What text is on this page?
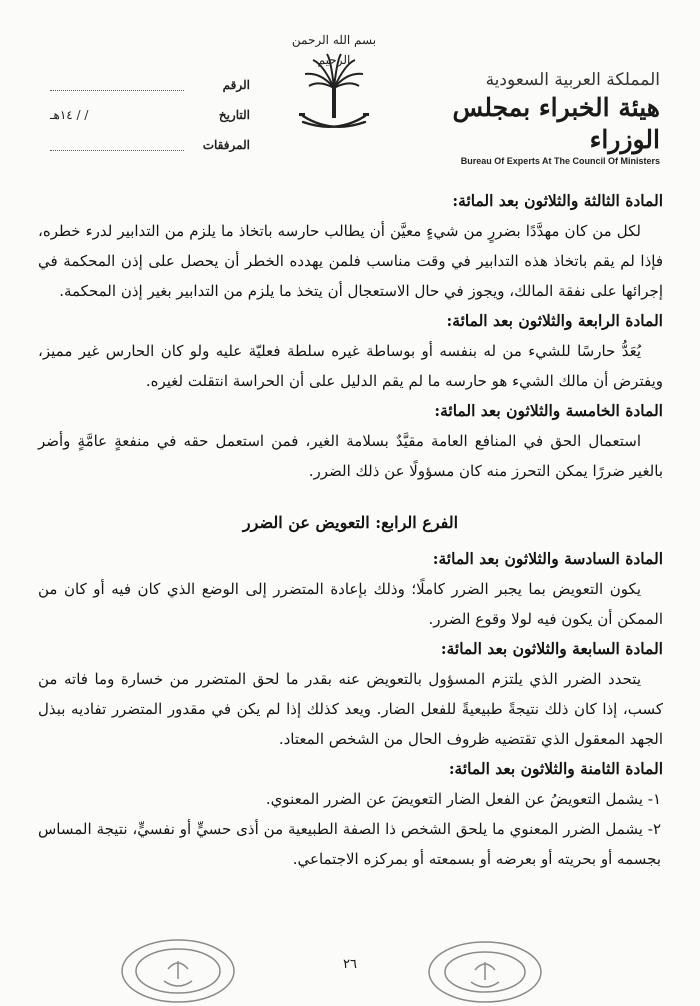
المملكة العربية السعودية
هيئة الخبراء بمجلس الوزراء
Bureau Of Experts At The Council Of Ministers
بسم الله الرحمن الرحيم
الرقم
التاريخ
/ / ١٤هـ
المرفقات
المادة الثالثة والثلاثون بعد المائة:
لكل من كان مهدَّدًا بضررٍ من شيءٍ معيَّن أن يطالب حارسه باتخاذ ما يلزم من التدابير لدرء خطره، فإذا لم يقم باتخاذ هذه التدابير في وقت مناسب فلمن يهدده الخطر أن يحصل على إذن المحكمة في إجرائها على نفقة المالك، ويجوز في حال الاستعجال أن يتخذ ما يلزم من التدابير بغير إذن المحكمة.
المادة الرابعة والثلاثون بعد المائة:
يُعَدُّ حارسًا للشيء من له بنفسه أو بوساطة غيره سلطة فعليّة عليه ولو كان الحارس غير مميز، ويفترض أن مالك الشيء هو حارسه ما لم يقم الدليل على أن الحراسة انتقلت لغيره.
المادة الخامسة والثلاثون بعد المائة:
استعمال الحق في المنافع العامة مقيَّدٌ بسلامة الغير، فمن استعمل حقه في منفعةٍ عامَّةٍ وأضر بالغير ضررًا يمكن التحرز منه كان مسؤولًا عن ذلك الضرر.
الفرع الرابع: التعويض عن الضرر
المادة السادسة والثلاثون بعد المائة:
يكون التعويض بما يجبر الضرر كاملًا؛ وذلك بإعادة المتضرر إلى الوضع الذي كان فيه أو كان من الممكن أن يكون فيه لولا وقوع الضرر.
المادة السابعة والثلاثون بعد المائة:
يتحدد الضرر الذي يلتزم المسؤول بالتعويض عنه بقدر ما لحق المتضرر من خسارة وما فاته من كسب، إذا كان ذلك نتيجةً طبيعيةً للفعل الضار. ويعد كذلك إذا لم يكن في مقدور المتضرر تفاديه ببذل الجهد المعقول الذي تقتضيه ظروف الحال من الشخص المعتاد.
المادة الثامنة والثلاثون بعد المائة:
١- يشمل التعويضُ عن الفعل الضار التعويضَ عن الضرر المعنوي.
٢- يشمل الضرر المعنوي ما يلحق الشخص ذا الصفة الطبيعية من أذى حسيٍّ أو نفسيٍّ، نتيجة المساس بجسمه أو بحريته أو بعرضه أو بسمعته أو بمركزه الاجتماعي.
٢٦
